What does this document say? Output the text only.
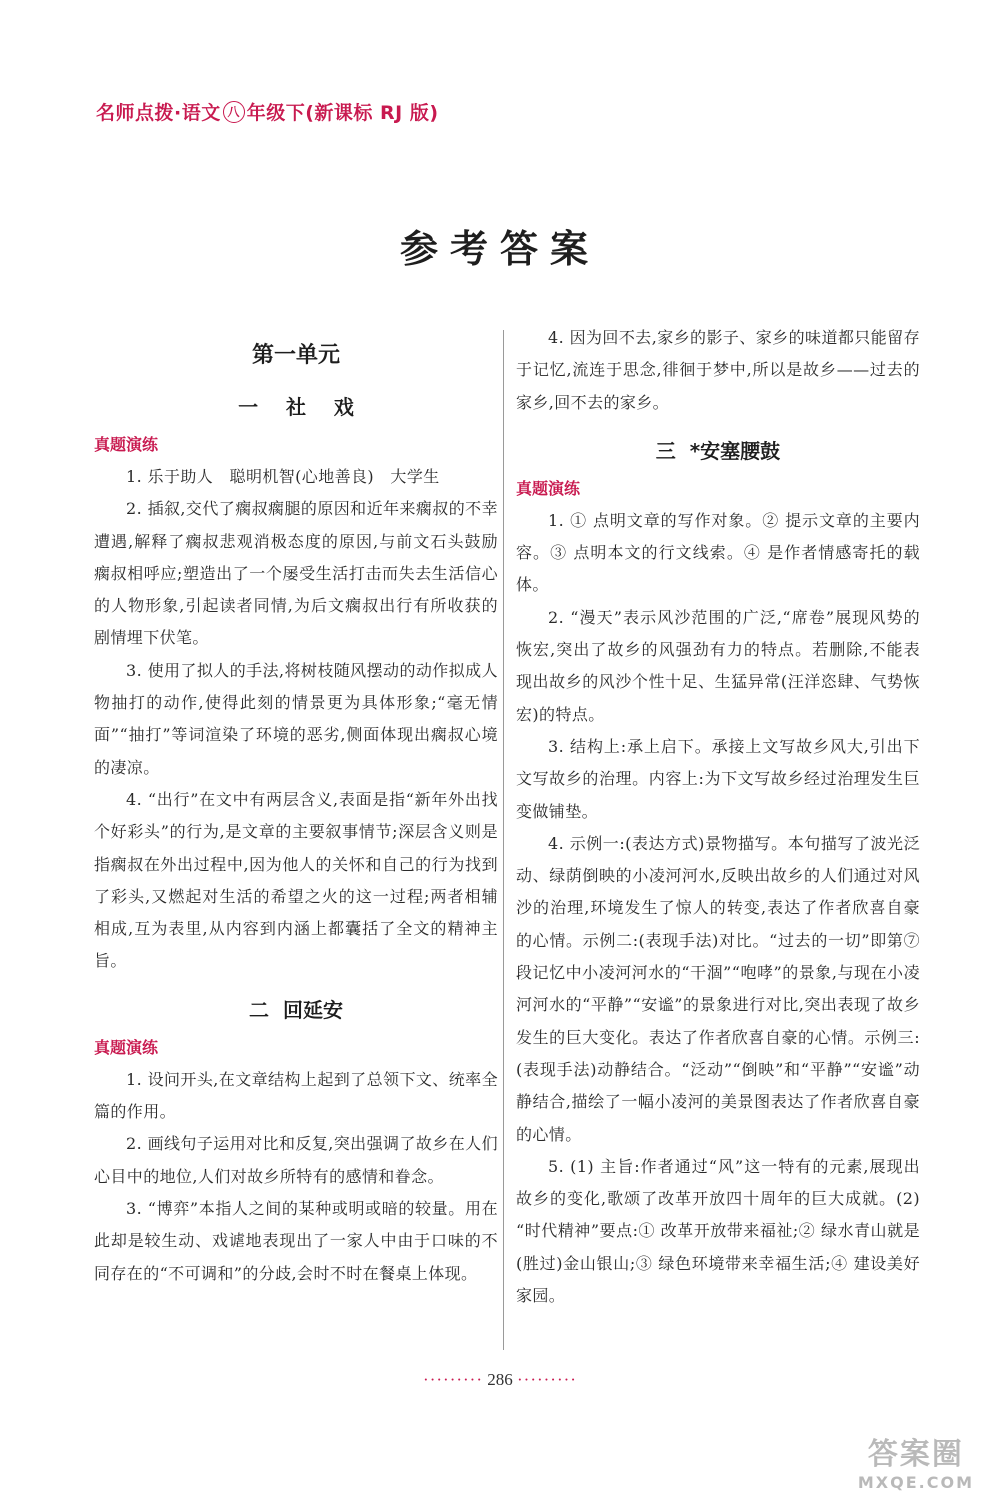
名师点拨·语文 八 年级下(新课标 RJ 版)
参考答案
第一单元
一    社    戏
真题演练

1. 乐于助人　聪明机智(心地善良)　大学生

2. 插叙,交代了瘸叔瘸腿的原因和近年来瘸叔的不幸遭遇,解释了瘸叔悲观消极态度的原因,与前文石头鼓励瘸叔相呼应;塑造出了一个屡受生活打击而失去生活信心的人物形象,引起读者同情,为后文瘸叔出行有所收获的剧情埋下伏笔。

3. 使用了拟人的手法,将树枝随风摆动的动作拟成人物抽打的动作,使得此刻的情景更为具体形象;“毫无情面”“抽打”等词渲染了环境的恶劣,侧面体现出瘸叔心境的凄凉。

4. “出行”在文中有两层含义,表面是指“新年外出找个好彩头”的行为,是文章的主要叙事情节;深层含义则是指瘸叔在外出过程中,因为他人的关怀和自己的行为找到了彩头,又燃起对生活的希望之火的这一过程;两者相辅相成,互为表里,从内容到内涵上都囊括了全文的精神主旨。

二  回延安
真题演练

1. 设问开头,在文章结构上起到了总领下文、统率全篇的作用。

2. 画线句子运用对比和反复,突出强调了故乡在人们心目中的地位,人们对故乡所特有的感情和眷念。

3. “博弈”本指人之间的某种或明或暗的较量。用在此却是较生动、戏谑地表现出了一家人中由于口味的不同存在的“不可调和”的分歧,会时不时在餐桌上体现。

4. 因为回不去,家乡的影子、家乡的味道都只能留存于记忆,流连于思念,徘徊于梦中,所以是故乡——过去的家乡,回不去的家乡。

三  *安塞腰鼓
真题演练

1. ① 点明文章的写作对象。② 提示文章的主要内容。③ 点明本文的行文线索。④ 是作者情感寄托的载体。

2. “漫天”表示风沙范围的广泛,“席卷”展现风势的恢宏,突出了故乡的风强劲有力的特点。若删除,不能表现出故乡的风沙个性十足、生猛异常(汪洋恣肆、气势恢宏)的特点。

3. 结构上:承上启下。承接上文写故乡风大,引出下文写故乡的治理。内容上:为下文写故乡经过治理发生巨变做铺垫。

4. 示例一:(表达方式)景物描写。本句描写了波光泛动、绿荫倒映的小凌河河水,反映出故乡的人们通过对风沙的治理,环境发生了惊人的转变,表达了作者欣喜自豪的心情。示例二:(表现手法)对比。“过去的一切”即第⑦段记忆中小凌河河水的“干涸”“咆哮”的景象,与现在小凌河河水的“平静”“安谧”的景象进行对比,突出表现了故乡发生的巨大变化。表达了作者欣喜自豪的心情。示例三:(表现手法)动静结合。“泛动”“倒映”和“平静”“安谧”动静结合,描绘了一幅小凌河的美景图表达了作者欣喜自豪的心情。

5. (1) 主旨:作者通过“风”这一特有的元素,展现出故乡的变化,歌颂了改革开放四十周年的巨大成就。(2) “时代精神”要点:① 改革开放带来福祉;② 绿水青山就是(胜过)金山银山;③ 绿色环境带来幸福生活;④ 建设美好家园。

········· 286 ·········
答案圈
MXQE.COM
